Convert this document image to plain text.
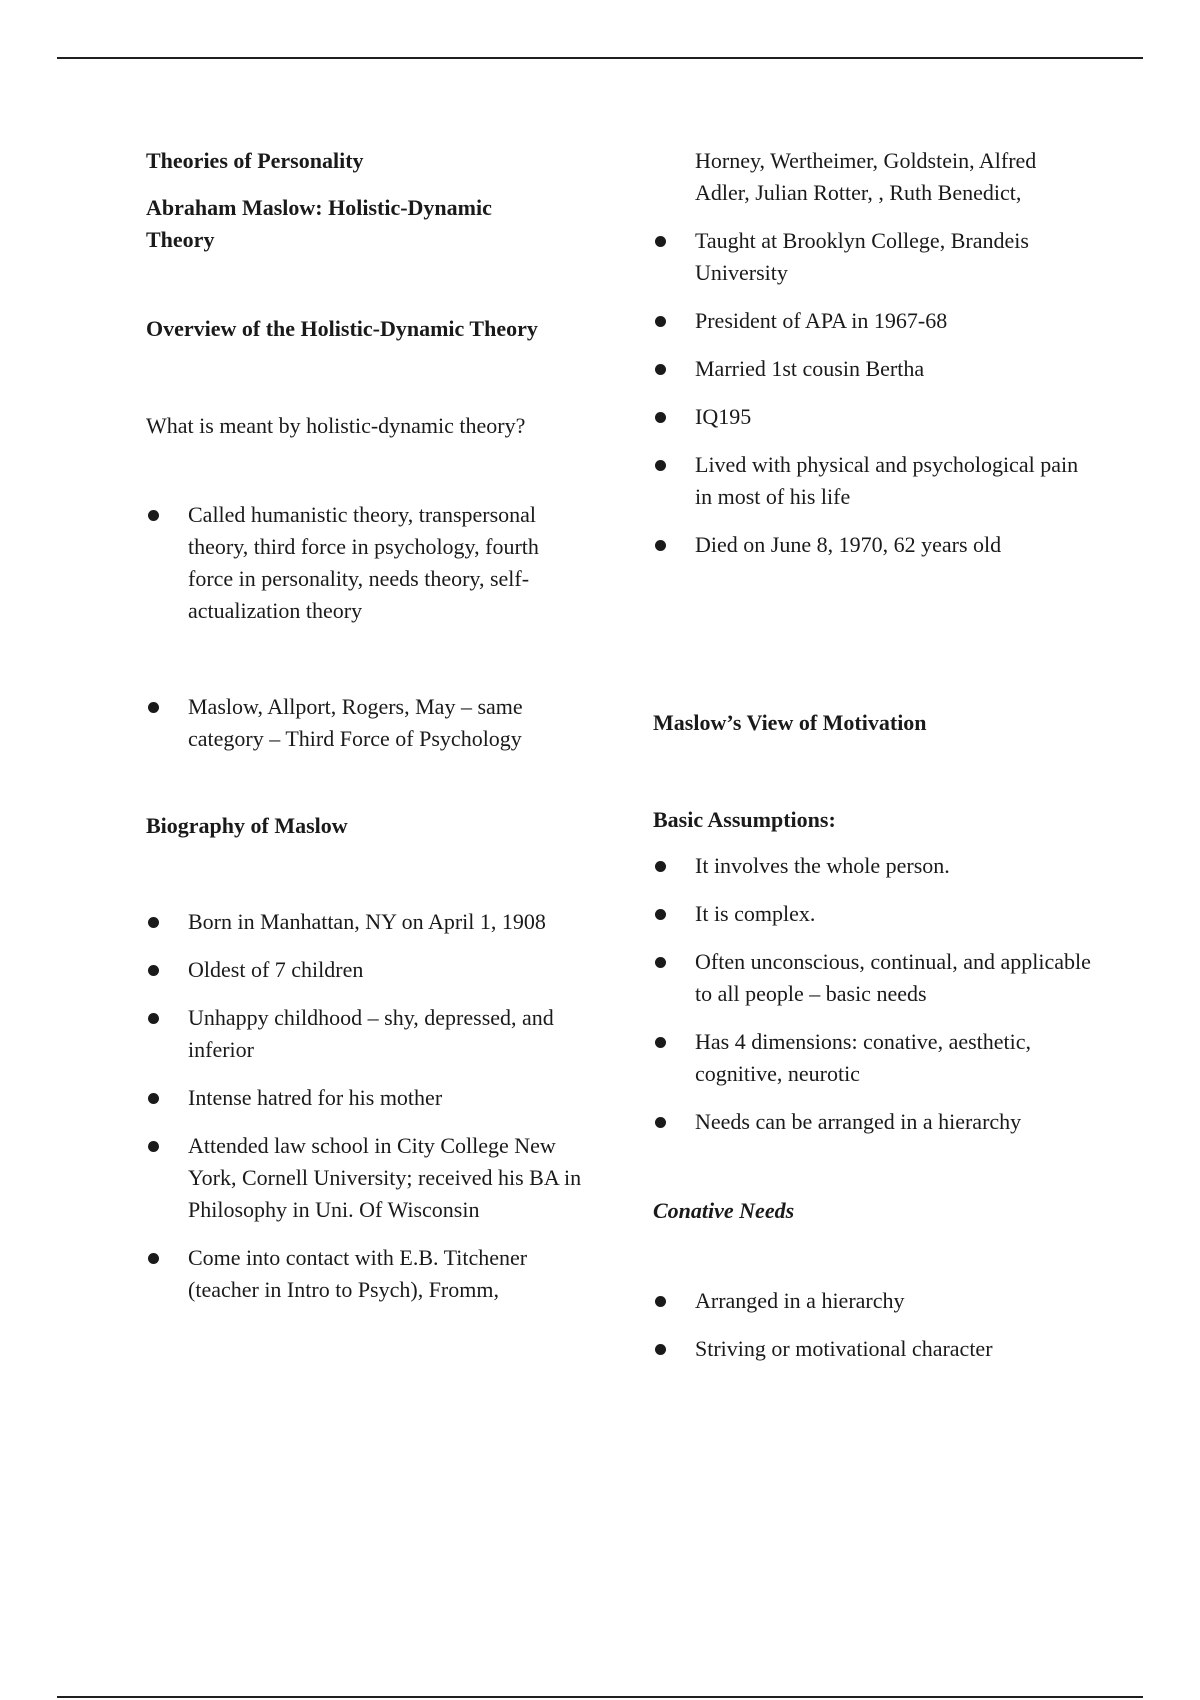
Theories of Personality

Abraham Maslow: Holistic-Dynamic Theory

Overview of the Holistic-Dynamic Theory

What is meant by holistic-dynamic theory?

Called humanistic theory, transpersonal theory, third force in psychology, fourth force in personality, needs theory, self-actualization theory
Maslow, Allport, Rogers, May – same category – Third Force of Psychology

Biography of Maslow

Born in Manhattan, NY on April 1, 1908
Oldest of 7 children
Unhappy childhood – shy, depressed, and inferior
Intense hatred for his mother
Attended law school in City College New York, Cornell University; received his BA in Philosophy in Uni. Of Wisconsin
Come into contact with E.B. Titchener (teacher in Intro to Psych), Fromm,

Horney, Wertheimer, Goldstein, Alfred Adler, Julian Rotter, , Ruth Benedict,

Taught at Brooklyn College, Brandeis University
President of APA in 1967-68
Married 1st cousin Bertha
IQ195
Lived with physical and psychological pain in most of his life
Died on June 8, 1970, 62 years old

Maslow’s View of Motivation

Basic Assumptions:

It involves the whole person.
It is complex.
Often unconscious, continual, and applicable to all people – basic needs
Has 4 dimensions: conative, aesthetic, cognitive, neurotic
Needs can be arranged in a hierarchy

Conative Needs

Arranged in a hierarchy
Striving or motivational character
